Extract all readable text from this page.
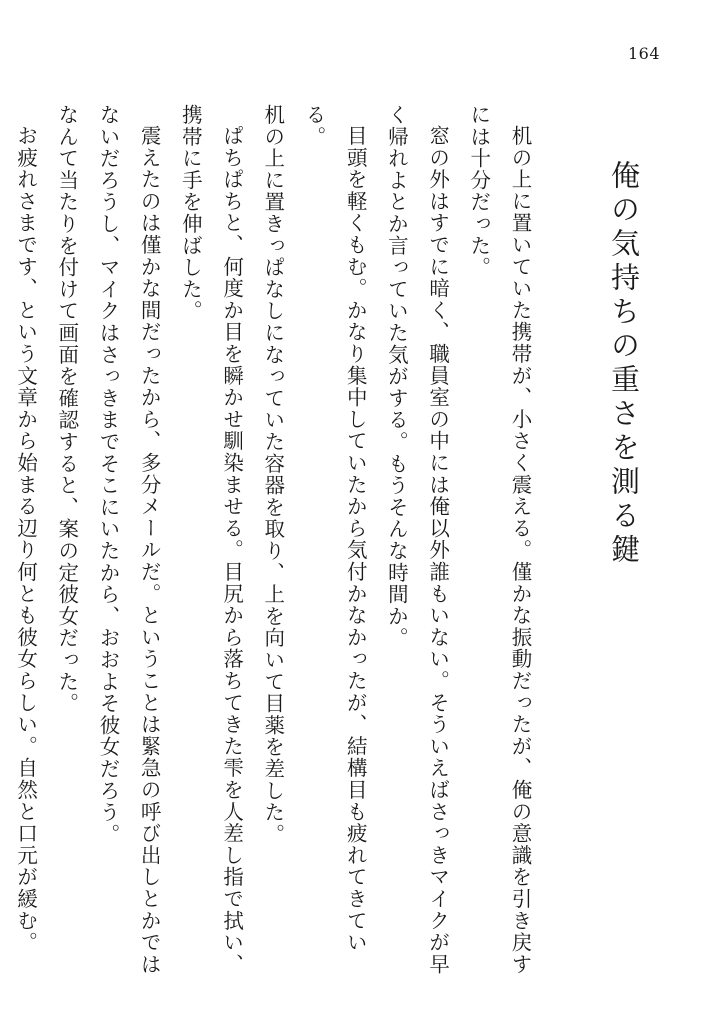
164
俺の気持ちの重さを測る鍵

机の上に置いていた携帯が、小さく震える。僅かな振動だったが、俺の意識を引き戻すには十分だった。

窓の外はすでに暗く、職員室の中には俺以外誰もいない。そういえばさっきマイクが早く帰れよとか言っていた気がする。もうそんな時間か。

目頭を軽くもむ。かなり集中していたから気付かなかったが、結構目も疲れてきている。

机の上に置きっぱなしになっていた容器を取り、上を向いて目薬を差した。

ぱちぱちと、何度か目を瞬かせ馴染ませる。目尻から落ちてきた雫を人差し指で拭い、携帯に手を伸ばした。

震えたのは僅かな間だったから、多分メールだ。ということは緊急の呼び出しとかではないだろうし、マイクはさっきまでそこにいたから、おおよそ彼女だろう。

なんて当たりを付けて画面を確認すると、案の定彼女だった。

お疲れさまです、という文章から始まる辺り何とも彼女らしい。自然と口元が緩む。
